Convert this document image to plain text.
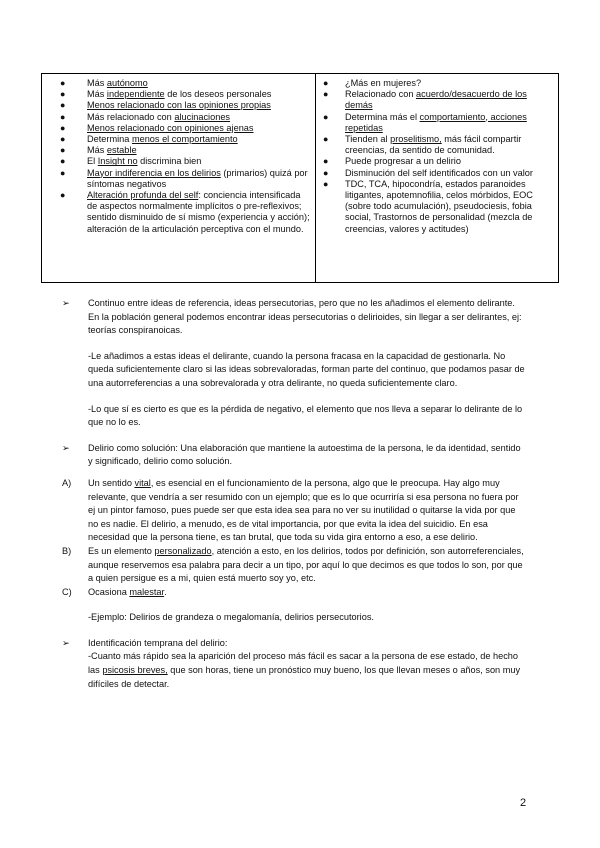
● Más autónomo
● Más independiente de los deseos personales
● Menos relacionado con las opiniones propias
● Más relacionado con alucinaciones
● Menos relacionado con opiniones ajenas
● Determina menos el comportamiento
● Más estable
● El Insight no discrimina bien
● Mayor indiferencia en los delirios (primarios) quizá por síntomas negativos
● Alteración profunda del self: conciencia intensificada de aspectos normalmente implícitos o pre-reflexivos; sentido disminuido de sí mismo (experiencia y acción); alteración de la articulación perceptiva con el mundo.
● ¿Más en mujeres?
● Relacionado con acuerdo/desacuerdo de los demás
● Determina más el comportamiento, acciones repetidas
● Tienden al proselitismo, más fácil compartir creencias, da sentido de comunidad.
● Puede progresar a un delirio
● Disminución del self identificados con un valor
● TDC, TCA, hipocondría, estados paranoides litigantes, apotemnofilia, celos mórbidos, EOC (sobre todo acumulación), pseudociesis, fobia social, Trastornos de personalidad (mezcla de creencias, valores y actitudes)
➢ Continuo entre ideas de referencia, ideas persecutorias, pero que no les añadimos el elemento delirante. En la población general podemos encontrar ideas persecutorias o delirioides, sin llegar a ser delirantes, ej: teorías conspiranoicas.

-Le añadimos a estas ideas el delirante, cuando la persona fracasa en la capacidad de gestionarla. No queda suficientemente claro si las ideas sobrevaloradas, forman parte del continuo, que podamos pasar de una autorreferencias a una sobrevalorada y otra delirante, no queda suficientemente claro.

-Lo que sí es cierto es que es la pérdida de negativo, el elemento que nos lleva a separar lo delirante de lo que no lo es.

➢ Delirio como solución: Una elaboración que mantiene la autoestima de la persona, le da identidad, sentido y significado, delirio como solución.

A) Un sentido vital, es esencial en el funcionamiento de la persona, algo que le preocupa. Hay algo muy relevante, que vendría a ser resumido con un ejemplo; que es lo que ocurriría si esa persona no fuera por ej un pintor famoso, pues puede ser que esta idea sea para no ver su inutilidad o quitarse la vida por que no es nadie. El delirio, a menudo, es de vital importancia, por que evita la idea del suicidio. En esa necesidad que la persona tiene, es tan brutal, que toda su vida gira entorno a eso, a ese delirio.

B) Es un elemento personalizado, atención a esto, en los delirios, todos por definición, son autorreferenciales, aunque reservemos esa palabra para decir a un tipo, por aquí lo que decimos es que todos lo son, por que a quien persigue es a mi, quien está muerto soy yo, etc.

C) Ocasiona malestar.

-Ejemplo: Delirios de grandeza o megalomanía, delirios persecutorios.

➢ Identificación temprana del delirio:

-Cuanto más rápido sea la aparición del proceso más fácil es sacar a la persona de ese estado, de hecho las psicosis breves, que son horas, tiene un pronóstico muy bueno, los que llevan meses o años, son muy difíciles de detectar.

2
